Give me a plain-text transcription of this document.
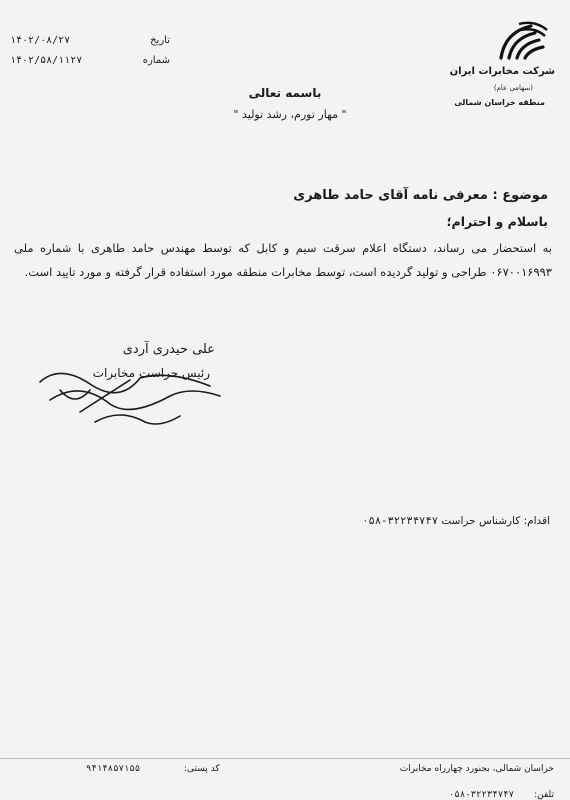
۱۴۰۲/۰۸/۲۷	تاریخ
۱۴۰۲/۵۸/۱۱۲۷	شماره
شرکت مخابرات ایران
(سهامی عام)
منطقه خراسان شمالی
باسمه تعالی
" مهار تورم، رشد تولید "
موضوع : معرفی نامه آقای حامد طاهری
باسلام و احترام؛
به استحضار می رساند، دستگاه اعلام سرقت سیم و کابل که توسط مهندس حامد طاهری با شماره ملی ۰۶۷۰۰۱۶۹۹۳ طراحی و تولید گردیده است، توسط مخابرات منطقه مورد استفاده قرار گرفته و مورد تایید است.
علی حیدری آردی
رئیس حراست مخابرات
اقدام: کارشناس حراست ۰۵۸-۳۲۲۳۴۷۴۷
خراسان شمالی، بجنورد چهارراه مخابرات
کد پستی:
۹۴۱۴۸۵۷۱۵۵
تلفن:
۰۵۸-۳۲۲۳۴۷۴۷
